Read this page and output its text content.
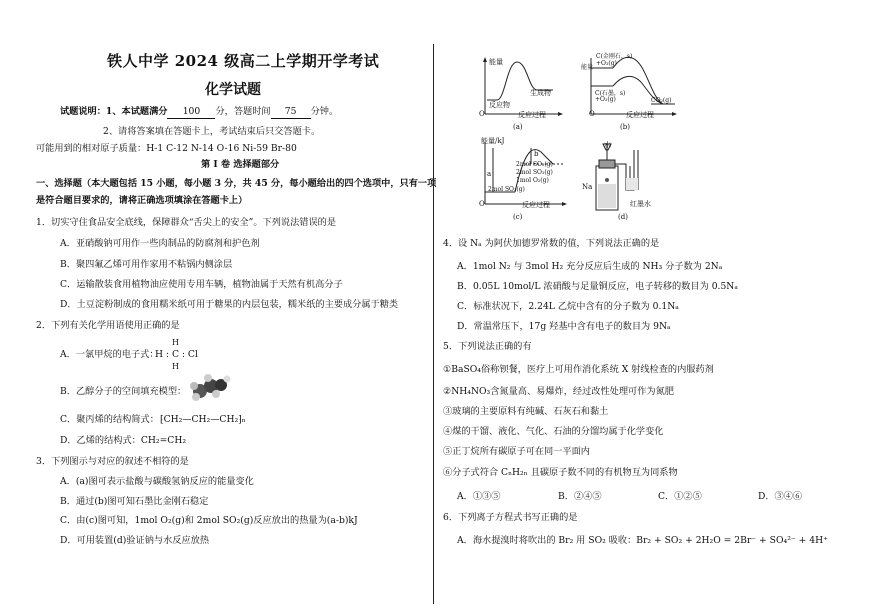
铁人中学 2024 级高二上学期开学考试
化学试题
试题说明：1、本试题满分 100 分，答题时间 75 分钟。
2、请将答案填在答题卡上，考试结束后只交答题卡。
可能用到的相对原子质量：H-1 C-12 N-14 O-16 Ni-59 Br-80
第 I 卷 选择题部分
一、选择题（本大题包括 15 小题，每小题 3 分，共 45 分，每小题给出的四个选项中，只有一项
是符合题目要求的，请将正确选项填涂在答题卡上）
1．切实守住食品安全底线，保障群众“舌尖上的安全”。下列说法错误的是
A．亚硝酸钠可用作一些肉制品的防腐剂和护色剂
B．聚四氟乙烯可用作家用不粘锅内侧涂层
C．运输散装食用植物油应使用专用车辆，植物油属于天然有机高分子
D．土豆淀粉制成的食用糯米纸可用于糖果的内层包装，糯米纸的主要成分属于糖类
2．下列有关化学用语使用正确的是
A．一氯甲烷的电子式：
H
H : C : Cl
H
B．乙醇分子的空间填充模型：
C．聚丙烯的结构简式： ⁅CH₂—CH₂—CH₂⁆ₙ
D．乙烯的结构式：CH₂=CH₂
3．下列图示与对应的叙述不相符的是
A．(a)图可表示盐酸与碳酸氢钠反应的能量变化
B．通过(b)图可知石墨比金刚石稳定
C．由(c)图可知，1mol O₂(g)和 2mol SO₂(g)反应放出的热量为(a-b)kJ
D．可用装置(d)验证钠与水反应放热
能量
反应物
生成物
O	反应过程
(a)
C(金刚石，s)
+O₂(g)
能量
C(石墨，s)
+O₂(g)	CO₂(g)
O	反应过程
(b)
能量/kJ
a
b
2mol SO₃(g)
2mol SO₂(g)
1mol O₂(g)
2mol SO₃(g)
O	反应过程
(c)
水
Na
红墨水
(d)
4．设 Nₐ 为阿伏加德罗常数的值，下列说法正确的是
A．1mol N₂ 与 3mol H₂ 充分反应后生成的 NH₃ 分子数为 2Nₐ
B．0.05L 10mol/L 浓硝酸与足量铜反应，电子转移的数目为 0.5Nₐ
C．标准状况下，2.24L 乙烷中含有的分子数为 0.1Nₐ
D．常温常压下，17g 羟基中含有电子的数目为 9Nₐ
5．下列说法正确的有
①BaSO₄俗称钡餐，医疗上可用作消化系统 X 射线检查的内服药剂
②NH₄NO₃含氮量高、易爆炸，经过改性处理可作为氮肥
③玻璃的主要原料有纯碱、石灰石和黏土
④煤的干馏、液化、气化、石油的分馏均属于化学变化
⑤正丁烷所有碳原子可在同一平面内
⑥分子式符合 CₙH₂ₙ 且碳原子数不同的有机物互为同系物
A．①③⑤	B．②④⑤	C．①②⑤	D．③④⑥
6．下列离子方程式书写正确的是
A．海水提溴时将吹出的 Br₂ 用 SO₂ 吸收：Br₂ + SO₂ + 2H₂O = 2Br⁻ + SO₄²⁻ + 4H⁺
